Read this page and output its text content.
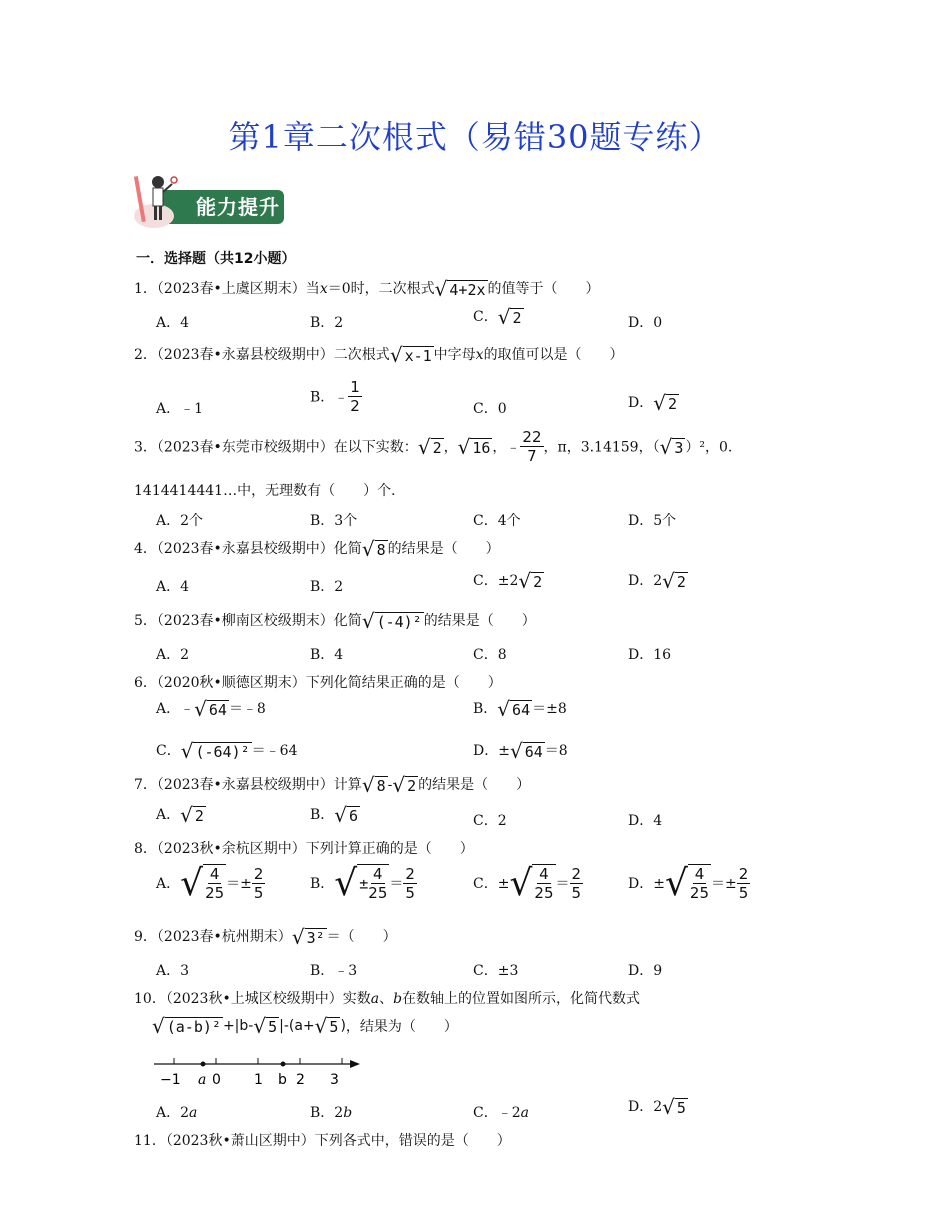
第1章二次根式（易错30题专练）
能力提升
一．选择题（共12小题）
1．（2023春•上虞区期末）当x＝0时，二次根式 √ 4+2x 的值等于（　　）
A．4	B．2	C． √ 2	D．0
2．（2023春•永嘉县校级期中）二次根式 √ x-1 中字母x的取值可以是（　　）
A．﹣1
B．﹣ $\frac{1}{2}$	C．0	D． √ 2
3．（2023春•东莞市校级期中）在以下实数： √ 2 ， √ 16 ，﹣ $\frac{22}{7}$ ，π，3.14159，（ √ 3 ）²，0.
1414414441…中，无理数有（　　）个．
A．2个	B．3个	C．4个	D．5个
4．（2023春•永嘉县校级期中）化简 √ 8 的结果是（　　）
A．4	B．2	C．±2 √ 2	D．2 √ 2
5．（2023春•柳南区校级期末）化简 √ (-4)² 的结果是（　　）
A．2	B．4	C．8	D．16
6．（2020秋•顺德区期末）下列化简结果正确的是（　　）
A．﹣ √ 64 ＝﹣8	B． √ 64 ＝±8
C． √ (-64)² ＝﹣64	D．± √ 64 ＝8
7．（2023春•永嘉县校级期中）计算 √ 8 - √ 2 的结果是（　　）
A． √ 2	B． √ 6	C．2	D．4
8．（2023秋•余杭区期中）下列计算正确的是（　　）
A． √ $\frac{4}{25} =\pm \frac{2}{5}$	B． √ ± $\frac{4}{25} = \frac{2}{5}$	C．± √ $\frac{4}{25} = \frac{2}{5}$	D．± √ $\frac{4}{25} =\pm \frac{2}{5}$
9．（2023春•杭州期末） √ 3² ＝（　　）
A．3	B．﹣3	C．±3	D．9
10．（2023秋•上城区校级期中）实数a、b在数轴上的位置如图所示，化简代数式
√ (a-b)² +|b- √ 5 |-(a+ √ 5 )，结果为（　　）
−1 a 0 1 b 2 3
A．2a	B．2b	C．﹣2a	D．2 √ 5
11．（2023秋•萧山区期中）下列各式中，错误的是（　　）
